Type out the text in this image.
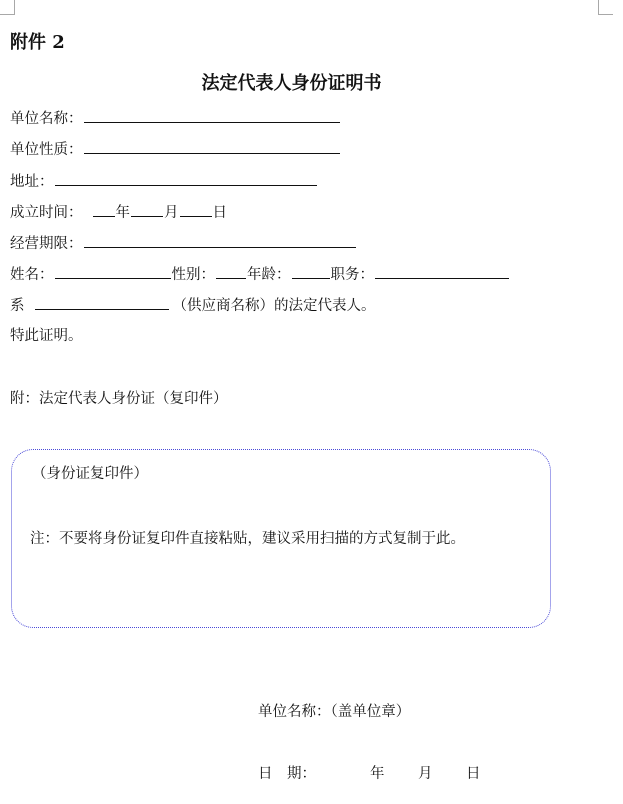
附件 2
法定代表人身份证明书
单位名称：
单位性质：
地址：
成立时间： 年 月 日
经营期限：
姓名：	性别： 年龄：	职务：
系	（供应商名称）的法定代表人。
特此证明。
附：法定代表人身份证（复印件）
（身份证复印件）
注：不要将身份证复印件直接粘贴，建议采用扫描的方式复制于此。
单位名称：（盖单位章）
日　期：	年 月 日
